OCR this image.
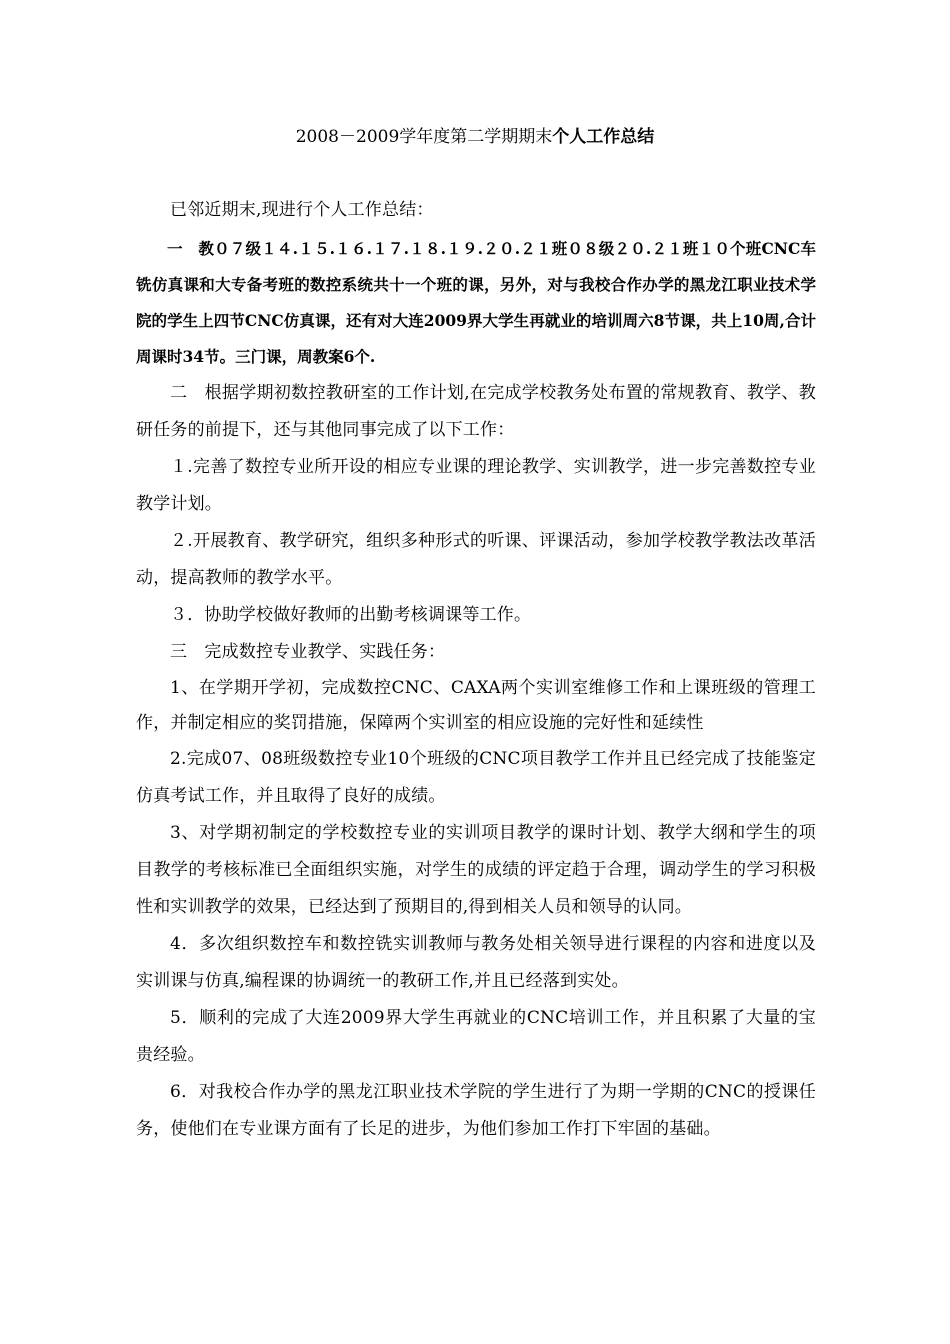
2008－2009学年度第二学期期末个人工作总结

已邻近期末,现进行个人工作总结：

一　教０７级１４.１５.１６.１７.１８.１９.２０.２１班０８级２０.２１班１０个班CNC车铣仿真课和大专备考班的数控系统共十一个班的课，另外，对与我校合作办学的黑龙江职业技术学院的学生上四节CNC仿真课，还有对大连2009界大学生再就业的培训周六8节课，共上10周,合计周课时34节。三门课，周教案6个.

二　根据学期初数控教研室的工作计划,在完成学校教务处布置的常规教育、教学、教研任务的前提下，还与其他同事完成了以下工作：

１.完善了数控专业所开设的相应专业课的理论教学、实训教学，进一步完善数控专业教学计划。

２.开展教育、教学研究，组织多种形式的听课、评课活动，参加学校教学教法改革活动，提高教师的教学水平。

３．协助学校做好教师的出勤考核调课等工作。

三　完成数控专业教学、实践任务：

1、在学期开学初，完成数控CNC、CAXA两个实训室维修工作和上课班级的管理工作，并制定相应的奖罚措施，保障两个实训室的相应设施的完好性和延续性

2.完成07、08班级数控专业10个班级的CNC项目教学工作并且已经完成了技能鉴定仿真考试工作，并且取得了良好的成绩。

3、对学期初制定的学校数控专业的实训项目教学的课时计划、教学大纲和学生的项目教学的考核标准已全面组织实施，对学生的成绩的评定趋于合理，调动学生的学习积极性和实训教学的效果，已经达到了预期目的,得到相关人员和领导的认同。

4．多次组织数控车和数控铣实训教师与教务处相关领导进行课程的内容和进度以及实训课与仿真,编程课的协调统一的教研工作,并且已经落到实处。

5．顺利的完成了大连2009界大学生再就业的CNC培训工作，并且积累了大量的宝贵经验。

6．对我校合作办学的黑龙江职业技术学院的学生进行了为期一学期的CNC的授课任务，使他们在专业课方面有了长足的进步，为他们参加工作打下牢固的基础。
